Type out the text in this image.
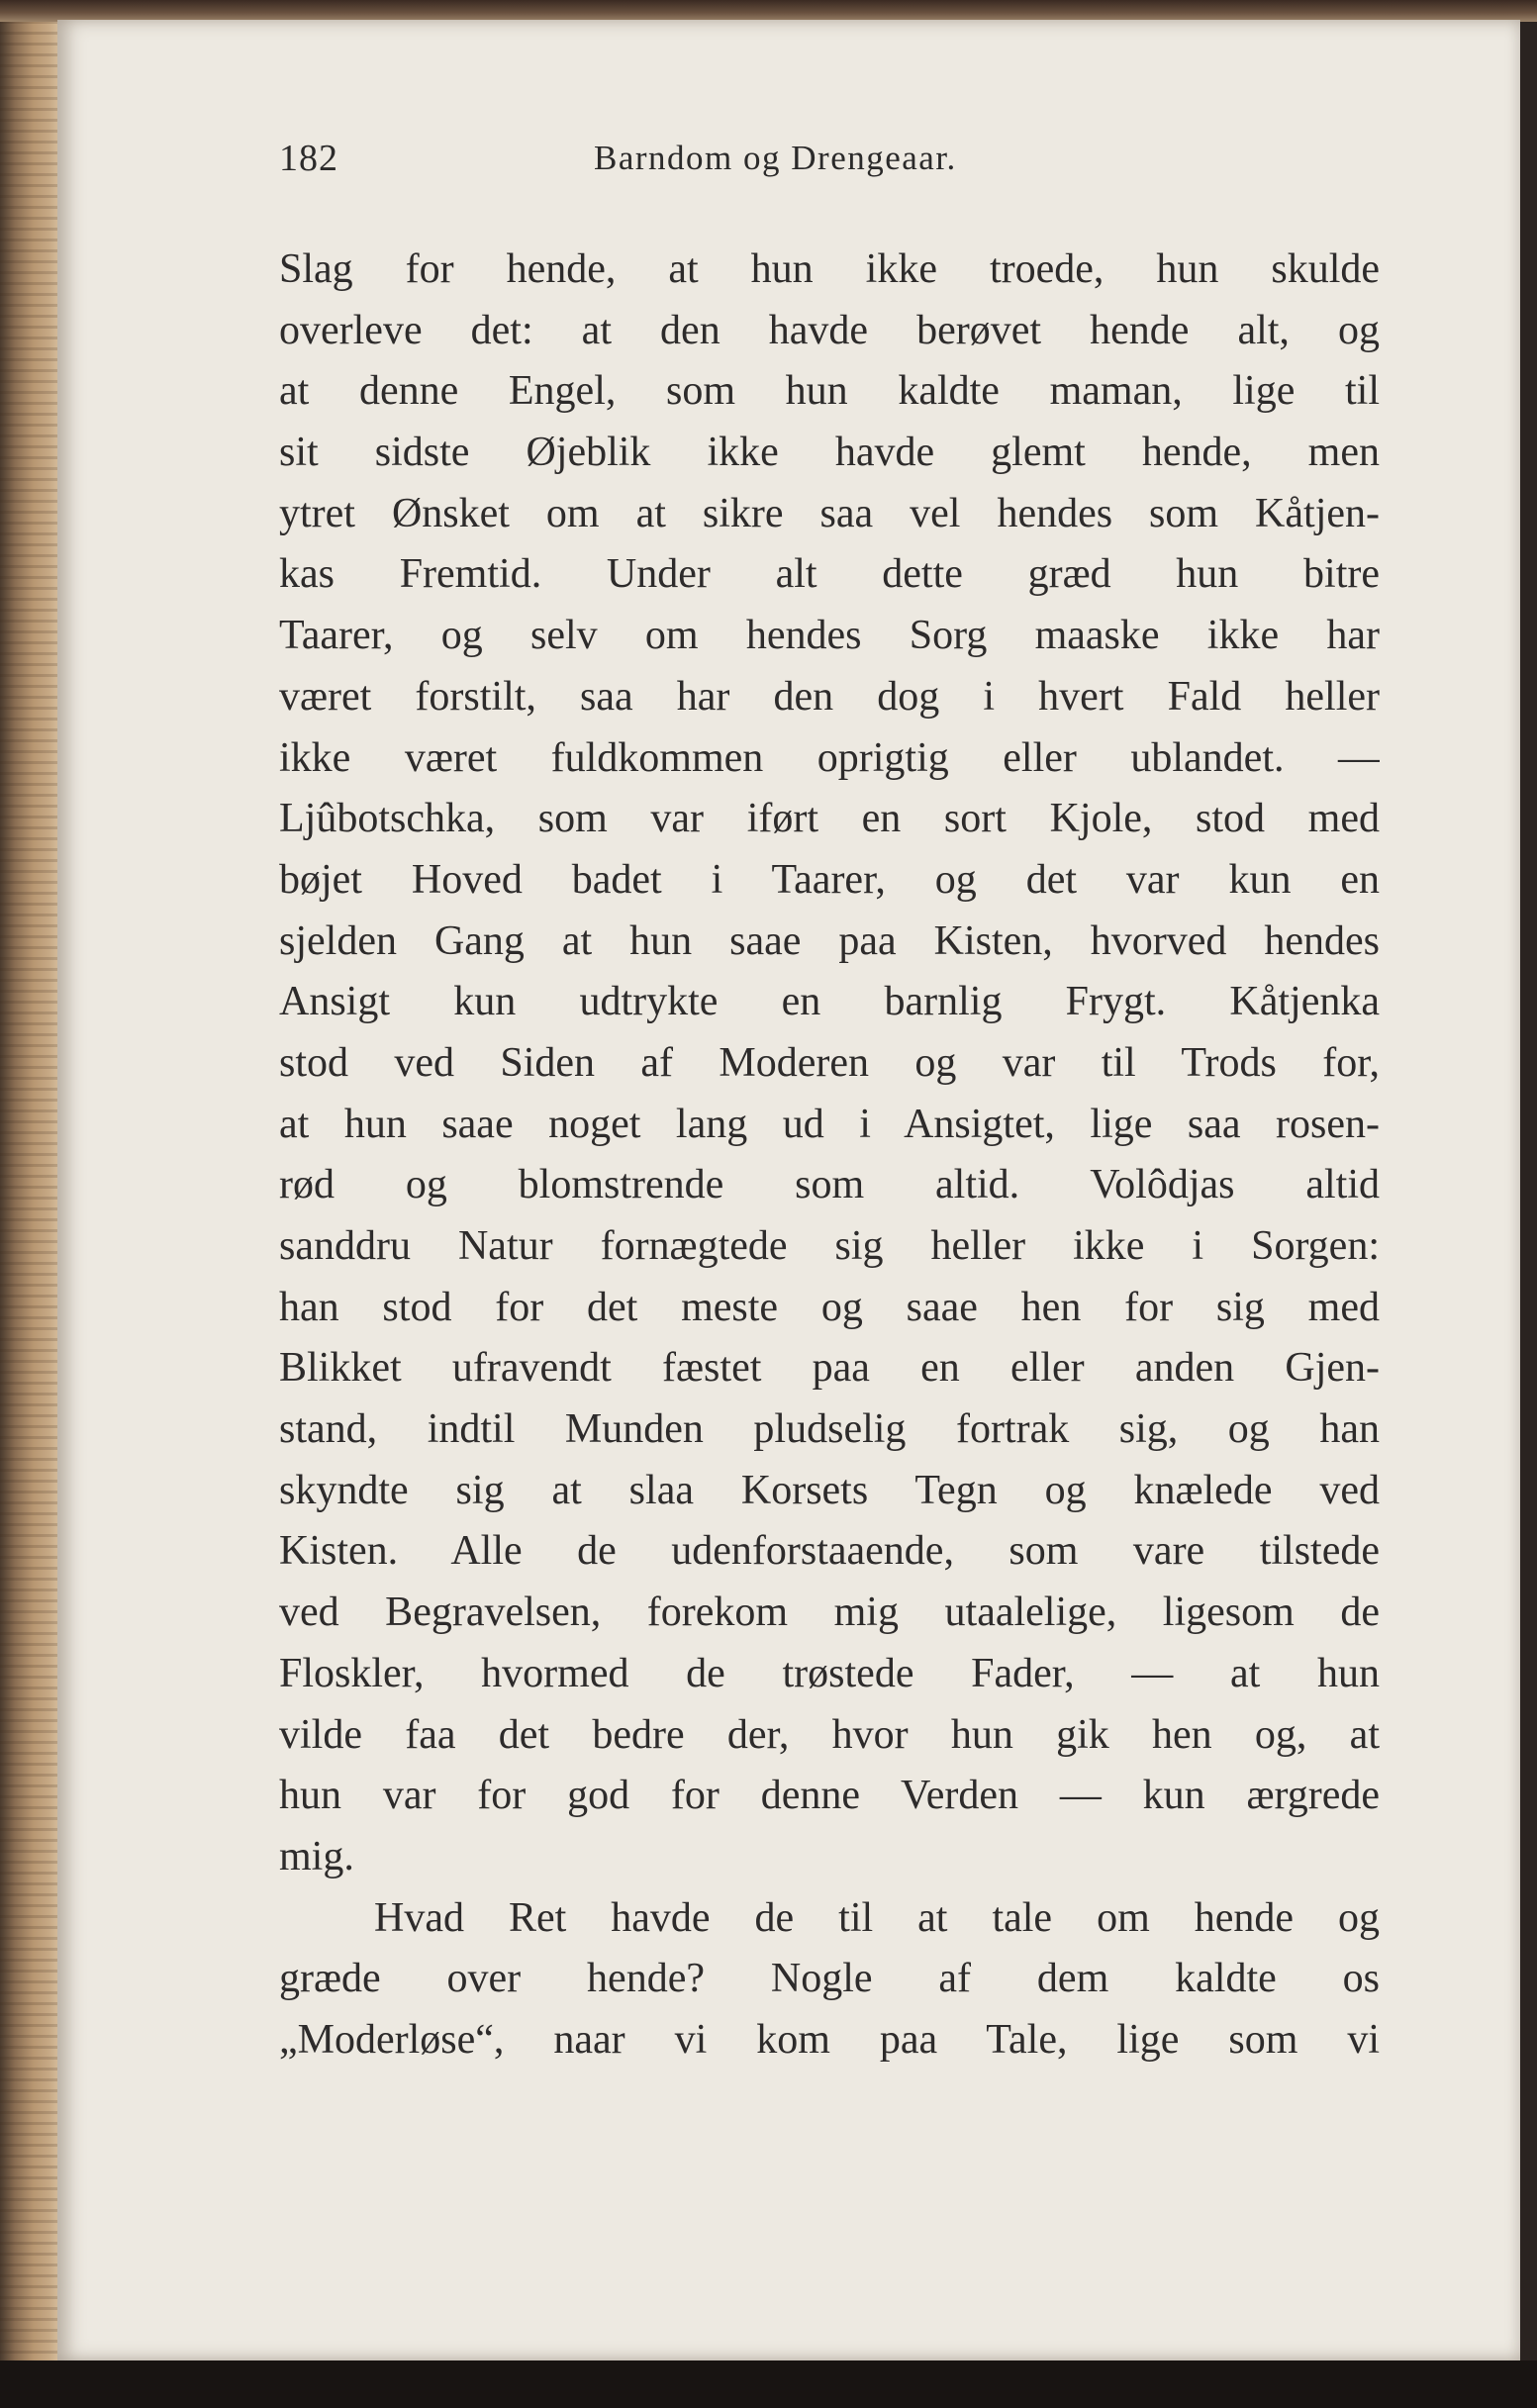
182	Barndom og Drengeaar.
Slag for hende, at hun ikke troede, hun skulde
overleve det: at den havde berøvet hende alt, og
at denne Engel, som hun kaldte maman, lige til
sit sidste Øjeblik ikke havde glemt hende, men
ytret Ønsket om at sikre saa vel hendes som Kåtjen-
kas Fremtid. Under alt dette græd hun bitre
Taarer, og selv om hendes Sorg maaske ikke har
været forstilt, saa har den dog i hvert Fald heller
ikke været fuldkommen oprigtig eller ublandet. —
Ljûbotschka, som var iført en sort Kjole, stod med
bøjet Hoved badet i Taarer, og det var kun en
sjelden Gang at hun saae paa Kisten, hvorved hendes
Ansigt kun udtrykte en barnlig Frygt. Kåtjenka
stod ved Siden af Moderen og var til Trods for,
at hun saae noget lang ud i Ansigtet, lige saa rosen-
rød og blomstrende som altid. Volôdjas altid
sanddru Natur fornægtede sig heller ikke i Sorgen:
han stod for det meste og saae hen for sig med
Blikket ufravendt fæstet paa en eller anden Gjen-
stand, indtil Munden pludselig fortrak sig, og han
skyndte sig at slaa Korsets Tegn og knælede ved
Kisten. Alle de udenforstaaende, som vare tilstede
ved Begravelsen, forekom mig utaalelige, ligesom de
Floskler, hvormed de trøstede Fader, — at hun
vilde faa det bedre der, hvor hun gik hen og, at
hun var for god for denne Verden — kun ærgrede
mig.
Hvad Ret havde de til at tale om hende og
græde over hende? Nogle af dem kaldte os
„Moderløse“, naar vi kom paa Tale, lige som vi
